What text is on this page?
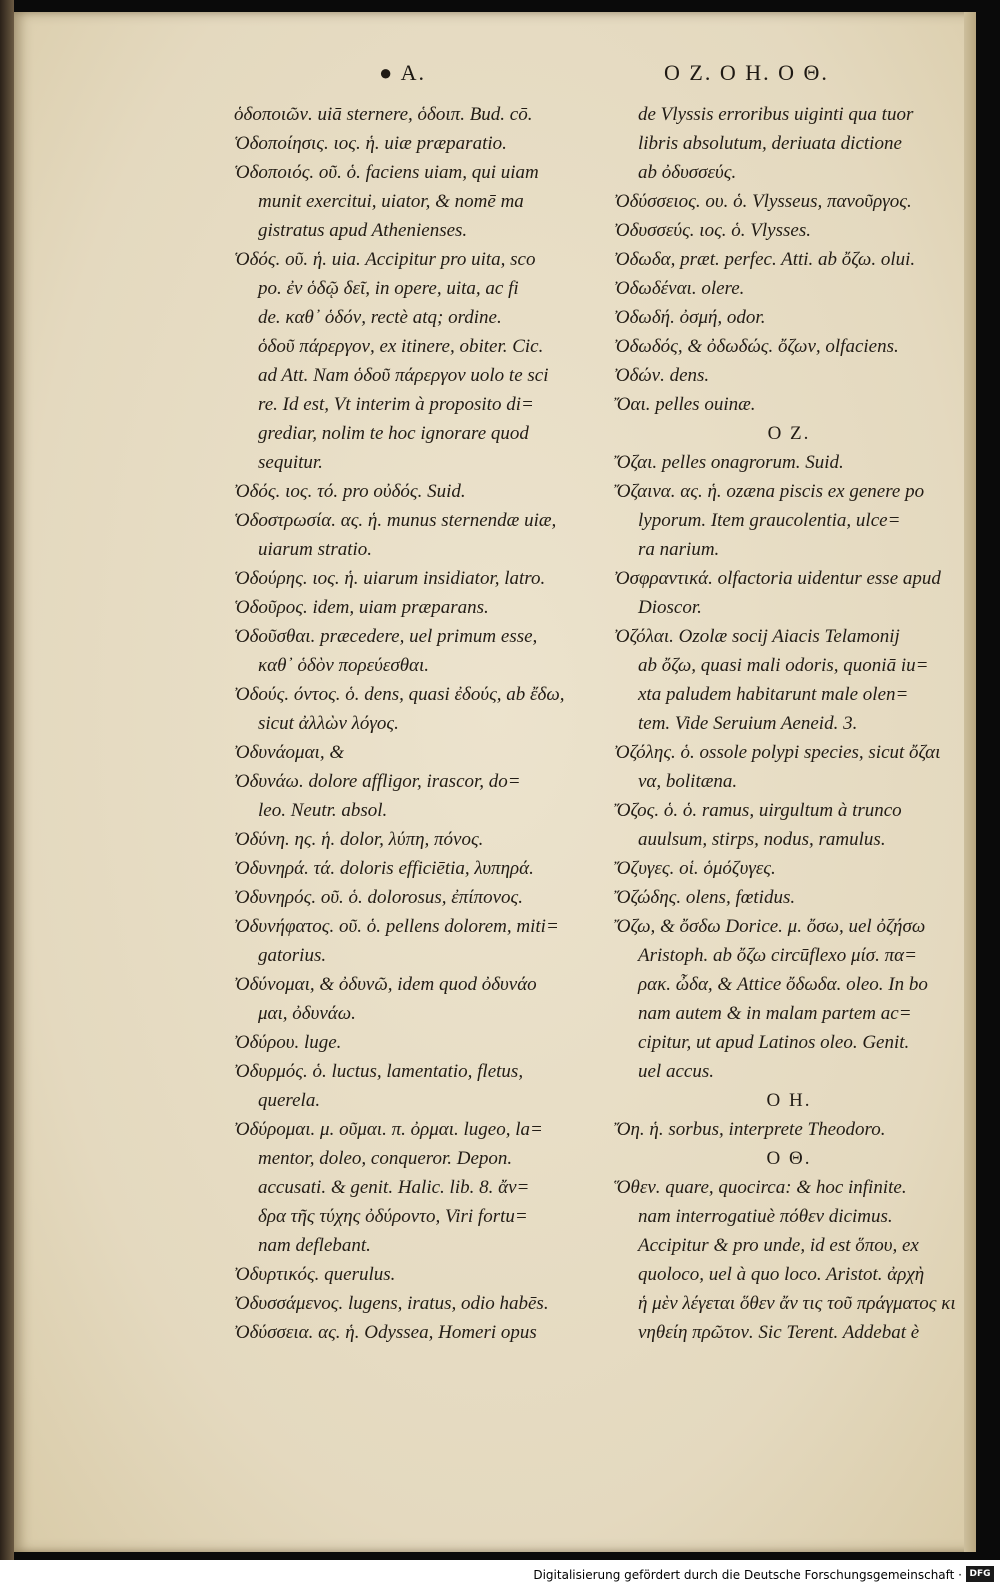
● A.	O Z. O H. O Θ.
ὁδοποιῶν. uiā sternere, ὁδοιπ. Bud. cō.
Ὁδοποίησις. ιος. ἡ. uiæ præparatio.
Ὁδοποιός. οῦ. ὁ. faciens uiam, qui uiam
munit exercitui, uiator, & nomē ma
gistratus apud Athenienses.
Ὁδός. οῦ. ἡ. uia. Accipitur pro uita, sco
po. ἐν ὁδῷ δεῖ, in opere, uita, ac fi
de. καθ᾽ ὁδόν, rectè atq; ordine.
ὁδοῦ πάρεργον, ex itinere, obiter. Cic.
ad Att. Nam ὁδοῦ πάρεργον uolo te sci
re. Id est, Vt interim à proposito di=
grediar, nolim te hoc ignorare quod
sequitur.
Ὀδός. ιος. τό. pro οὐδός. Suid.
Ὁδοστρωσία. ας. ἡ. munus sternendæ uiæ,
uiarum stratio.
Ὁδούρης. ιος. ἡ. uiarum insidiator, latro.
Ὁδοῦρος. idem, uiam præparans.
Ὁδοῦσθαι. præcedere, uel primum esse,
καθ᾽ ὁδὸν πορεύεσθαι.
Ὀδούς. όντος. ὁ. dens, quasi ἐδούς, ab ἔδω,
sicut ἀλλὼν λόγος.
Ὀδυνάομαι, &
Ὀδυνάω. dolore affligor, irascor, do=
leo. Neutr. absol.
Ὀδύνη. ης. ἡ. dolor, λύπη, πόνος.
Ὀδυνηρά. τά. doloris efficiētia, λυπηρά.
Ὀδυνηρός. οῦ. ὁ. dolorosus, ἐπίπονος.
Ὀδυνήφατος. οῦ. ὁ. pellens dolorem, miti=
gatorius.
Ὀδύνομαι, & ὀδυνῶ, idem quod ὀδυνάο
μαι, ὀδυνάω.
Ὀδύρου. luge.
Ὀδυρμός. ὁ. luctus, lamentatio, fletus,
querela.
Ὀδύρομαι. μ. οῦμαι. π. ὀρμαι. lugeo, la=
mentor, doleo, conqueror. Depon.
accusati. & genit. Halic. lib. 8. ἄν=
δρα τῆς τύχης ὀδύροντο, Viri fortu=
nam deflebant.
Ὀδυρτικός. querulus.
Ὀδυσσάμενος. lugens, iratus, odio habēs.
Ὀδύσσεια. ας. ἡ. Odyssea, Homeri opus
de Vlyssis erroribus uiginti qua tuor
libris absolutum, deriuata dictione
ab ὀδυσσεύς.
Ὀδύσσειος. ου. ὁ. Vlysseus, πανοῦργος.
Ὀδυσσεύς. ιος. ὁ. Vlysses.
Ὀδωδα, præt. perfec. Atti. ab ὄζω. olui.
Ὀδωδέναι. olere.
Ὀδωδή. ὀσμή, odor.
Ὀδωδός, & ὀδωδώς. ὄζων, olfaciens.
Ὀδών. dens.
Ὄαι. pelles ouinæ.
O Z.
Ὄζαι. pelles onagrorum. Suid.
Ὄζαινα. ας. ἡ. ozæna piscis ex genere po
lyporum. Item graucolentia, ulce=
ra narium.
Ὀσφραντικά. olfactoria uidentur esse apud
Dioscor.
Ὀζόλαι. Ozolæ socij Aiacis Telamonij
ab ὄζω, quasi mali odoris, quoniā iu=
xta paludem habitarunt male olen=
tem. Vide Seruium Aeneid. 3.
Ὀζόλης. ὁ. ossole polypi species, sicut ὄζαι
να, bolitæna.
Ὄζος. ὁ. ὁ. ramus, uirgultum à trunco
auulsum, stirps, nodus, ramulus.
Ὄζυγες. οἱ. ὁμόζυγες.
Ὄζώδης. olens, fœtidus.
Ὄζω, & ὄσδω Dorice. μ. ὄσω, uel ὀζήσω
Aristoph. ab ὄζω circūflexo μίσ. πα=
ρακ. ὦδα, & Attice ὄδωδα. oleo. In bo
nam autem & in malam partem ac=
cipitur, ut apud Latinos oleo. Genit.
uel accus.
O H.
Ὄη. ἡ. sorbus, interprete Theodoro.
O Θ.
Ὅθεν. quare, quocirca: & hoc infinite.
nam interrogatiuè πόθεν dicimus.
Accipitur & pro unde, id est ὅπου, ex
quoloco, uel à quo loco. Aristot. ἀρχὴ
ἡ μὲν λέγεται ὅθεν ἄν τις τοῦ πράγματος κι
νηθείη πρῶτον. Sic Terent. Addebat è
Digitalisierung gefördert durch die Deutsche Forschungsgemeinschaft · DFG
